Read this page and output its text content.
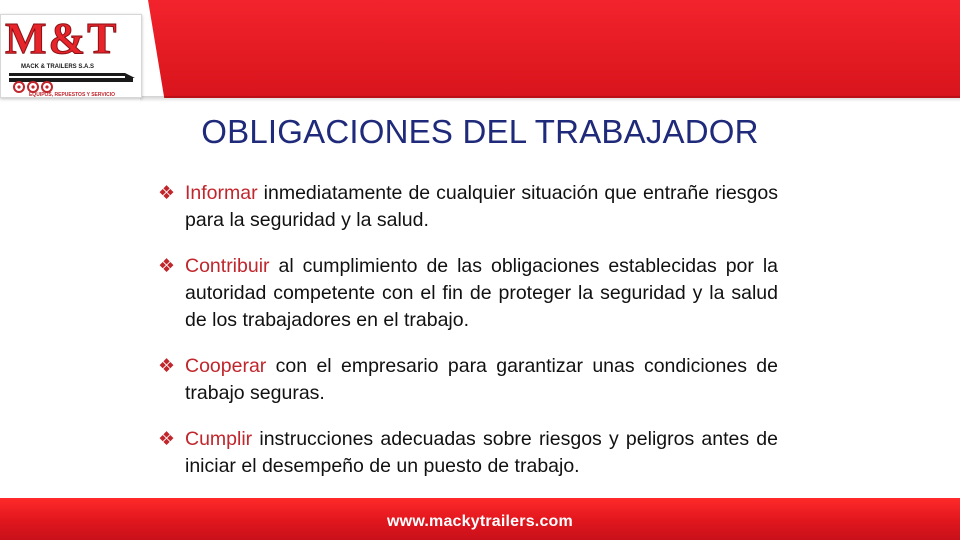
M&T
MACK & TRAILERS S.A.S
EQUIPOS, REPUESTOS Y SERVICIO
OBLIGACIONES DEL TRABAJADOR
❖ Informar inmediatamente de cualquier situación que entrañe riesgos para la seguridad y la salud.
❖ Contribuir al cumplimiento de las obligaciones establecidas por la autoridad competente con el fin de proteger la seguridad y la salud de los trabajadores en el trabajo.
❖ Cooperar con el empresario para garantizar unas condiciones de trabajo seguras.
❖ Cumplir instrucciones adecuadas sobre riesgos y peligros antes de iniciar el desempeño de un puesto de trabajo.
www.mackytrailers.com
